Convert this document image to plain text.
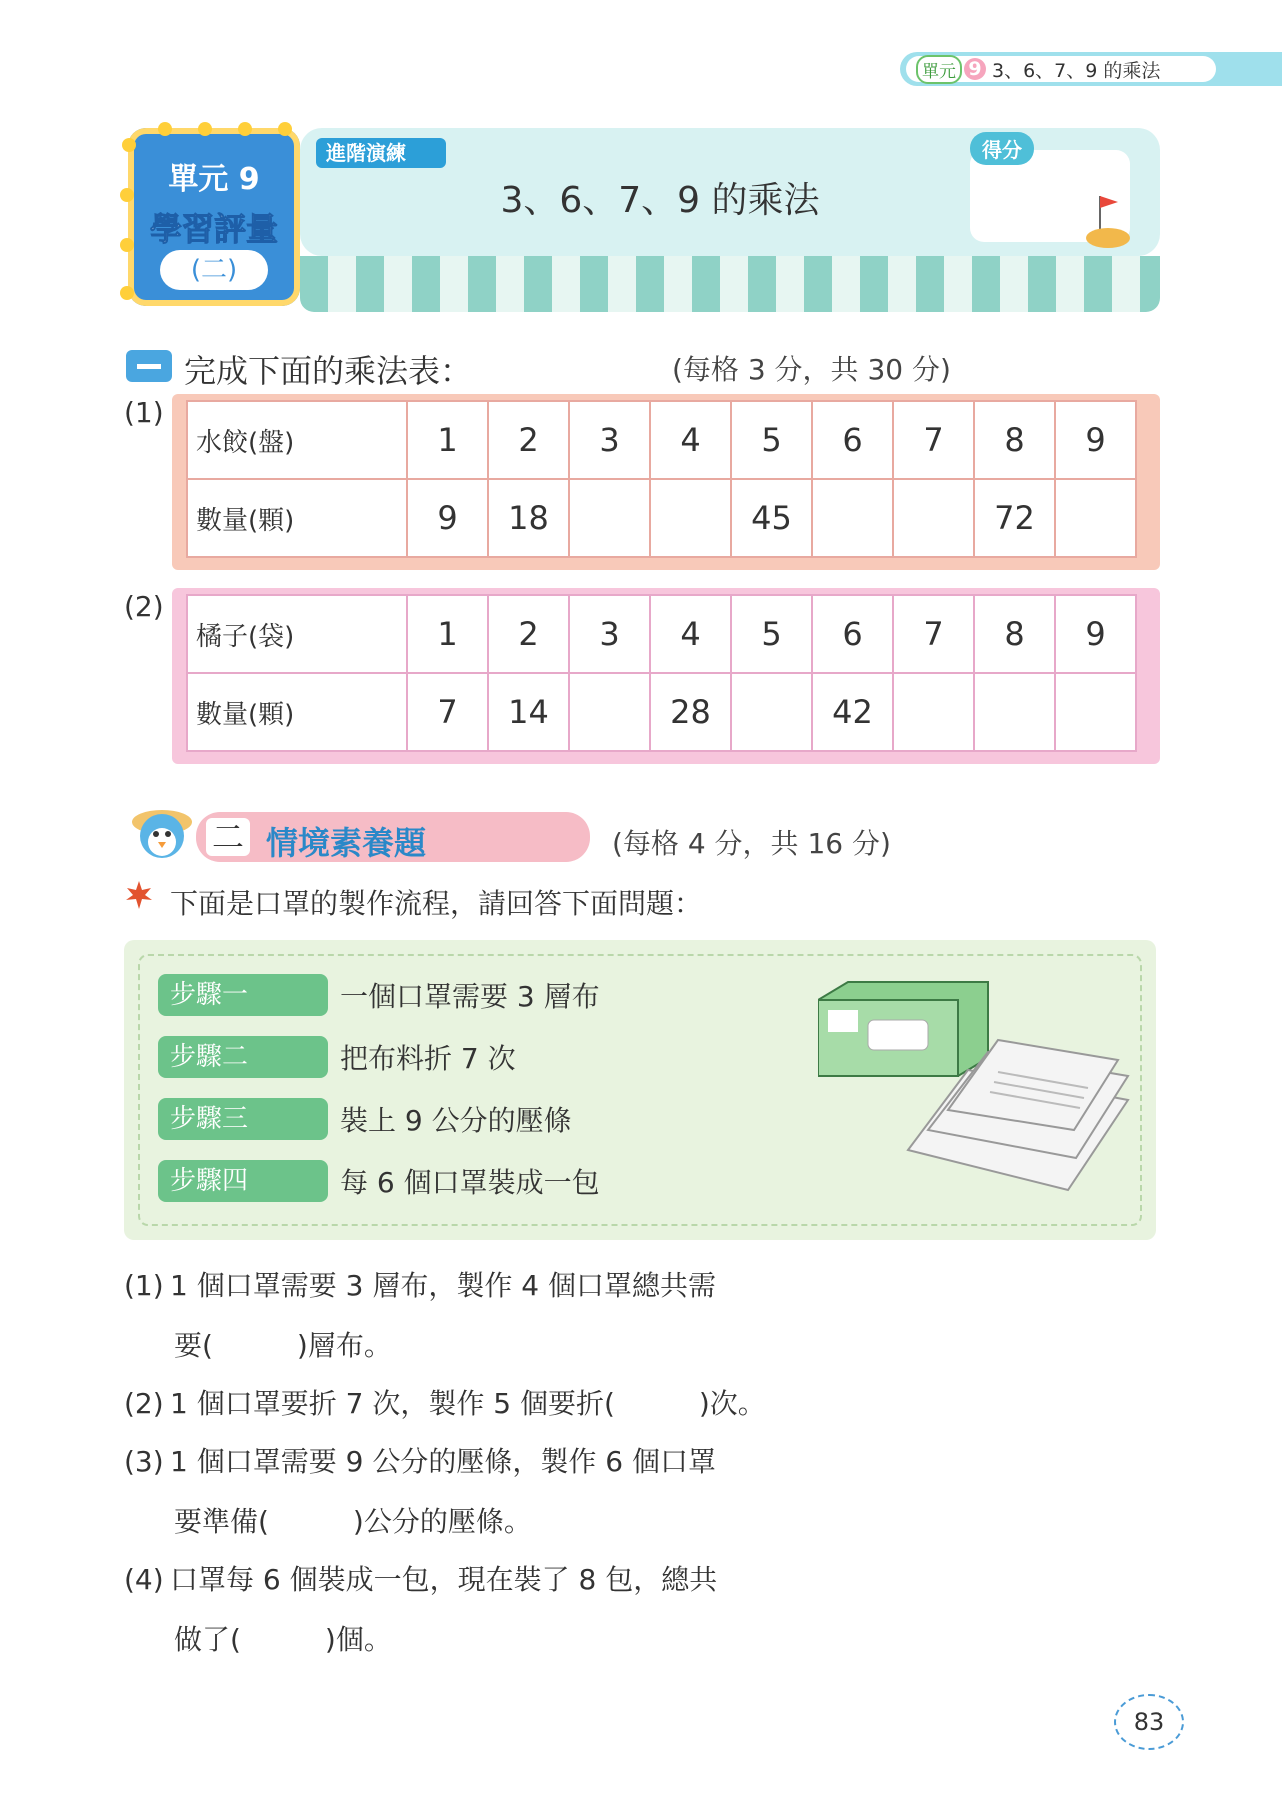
單元 9 3、6、7、9 的乘法
單元 9
學習評量
(二)
進階演練
3、6、7、9 的乘法
得分
完成下面的乘法表：	(每格 3 分，共 30 分)
(1)
水餃(盤)	1	2	3	4	5	6	7	8	9
數量(顆)	9	18			45			72	
(2)
橘子(袋)	1	2	3	4	5	6	7	8	9
數量(顆)	7	14		28		42			
二 情境素養題	(每格 4 分，共 16 分)
下面是口罩的製作流程，請回答下面問題：
步驟一	一個口罩需要 3 層布
步驟二	把布料折 7 次
步驟三	裝上 9 公分的壓條
步驟四	每 6 個口罩裝成一包
(1) 1 個口罩需要 3 層布，製作 4 個口罩總共需
要(　　　)層布。
(2) 1 個口罩要折 7 次，製作 5 個要折(　　　)次。
(3) 1 個口罩需要 9 公分的壓條，製作 6 個口罩
要準備(　　　)公分的壓條。
(4) 口罩每 6 個裝成一包，現在裝了 8 包，總共
做了(　　　)個。
83
